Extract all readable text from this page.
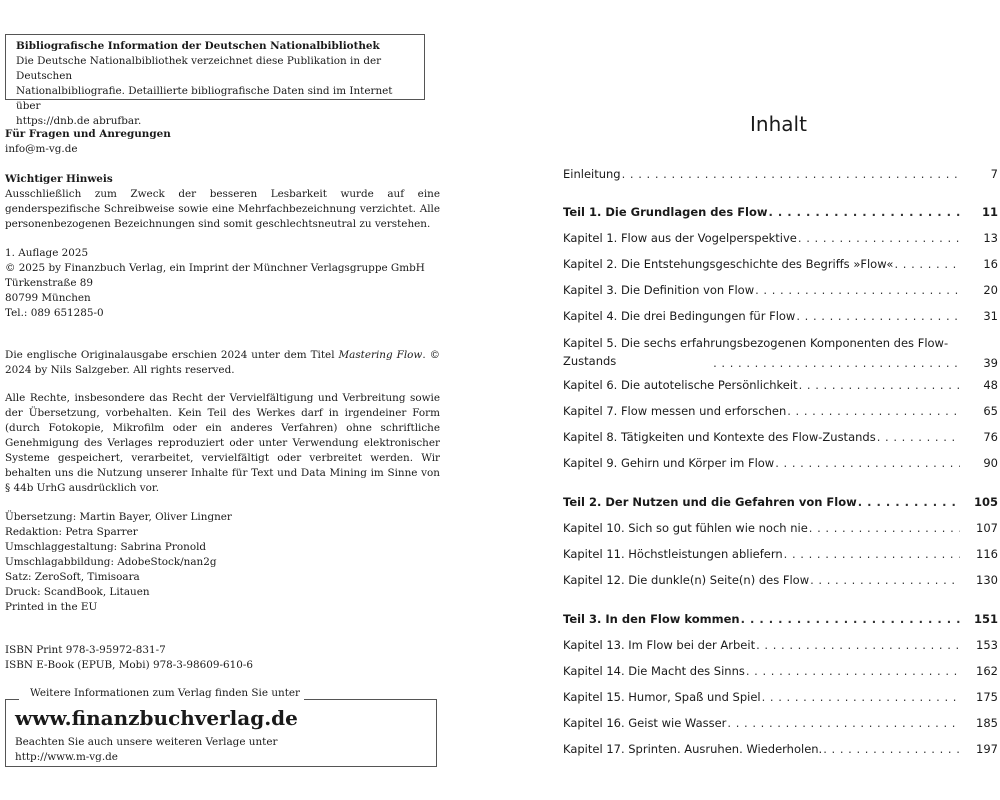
Bibliografische Information der Deutschen Nationalbibliothek
Die Deutsche Nationalbibliothek verzeichnet diese Publikation in der Deutschen
Nationalbibliografie. Detaillierte bibliografische Daten sind im Internet über
https://dnb.de abrufbar.
Für Fragen und Anregungen
info@m-vg.de
Wichtiger Hinweis
Ausschließlich zum Zweck der besseren Lesbarkeit wurde auf eine genderspezifische Schreibweise sowie eine Mehrfachbezeichnung verzichtet. Alle personenbezogenen Bezeichnungen sind somit geschlechtsneutral zu verstehen.
1. Auflage 2025
© 2025 by Finanzbuch Verlag, ein Imprint der Münchner Verlagsgruppe GmbH
Türkenstraße 89
80799 München
Tel.: 089 651285-0
Die englische Originalausgabe erschien 2024 unter dem Titel Mastering Flow. © 2024 by Nils Salzgeber. All rights reserved.
Alle Rechte, insbesondere das Recht der Vervielfältigung und Verbreitung sowie der Übersetzung, vorbehalten. Kein Teil des Werkes darf in irgendeiner Form (durch Fotokopie, Mikrofilm oder ein anderes Verfahren) ohne schriftliche Genehmigung des Verlages reproduziert oder unter Verwendung elektronischer Systeme gespeichert, verarbeitet, vervielfältigt oder verbreitet werden. Wir behalten uns die Nutzung unserer Inhalte für Text und Data Mining im Sinne von § 44b UrhG ausdrücklich vor.
Übersetzung: Martin Bayer, Oliver Lingner
Redaktion: Petra Sparrer
Umschlaggestaltung: Sabrina Pronold
Umschlagabbildung: AdobeStock/nan2g
Satz: ZeroSoft, Timisoara
Druck: ScandBook, Litauen
Printed in the EU
ISBN Print 978-3-95972-831-7
ISBN E-Book (EPUB, Mobi) 978-3-98609-610-6
Weitere Informationen zum Verlag finden Sie unter
www.finanzbuchverlag.de
Beachten Sie auch unsere weiteren Verlage unter
http://www.m-vg.de
Inhalt
Einleitung . . .	7
Teil 1. Die Grundlagen des Flow . . .	11
Kapitel 1. Flow aus der Vogelperspektive . . .	13
Kapitel 2. Die Entstehungsgeschichte des Begriffs »Flow« . . .	16
Kapitel 3. Die Definition von Flow . . .	20
Kapitel 4. Die drei Bedingungen für Flow . . .	31
Kapitel 5. Die sechs erfahrungsbezogenen Komponenten des Flow-
Zustands . . .	39
Kapitel 6. Die autotelische Persönlichkeit . . .	48
Kapitel 7. Flow messen und erforschen . . .	65
Kapitel 8. Tätigkeiten und Kontexte des Flow-Zustands . . .	76
Kapitel 9. Gehirn und Körper im Flow . . .	90
Teil 2. Der Nutzen und die Gefahren von Flow . . .	105
Kapitel 10. Sich so gut fühlen wie noch nie . . .	107
Kapitel 11. Höchstleistungen abliefern . . .	116
Kapitel 12. Die dunkle(n) Seite(n) des Flow . . .	130
Teil 3. In den Flow kommen . . .	151
Kapitel 13. Im Flow bei der Arbeit . . .	153
Kapitel 14. Die Macht des Sinns . . .	162
Kapitel 15. Humor, Spaß und Spiel . . .	175
Kapitel 16. Geist wie Wasser . . .	185
Kapitel 17. Sprinten. Ausruhen. Wiederholen. . . .	197
